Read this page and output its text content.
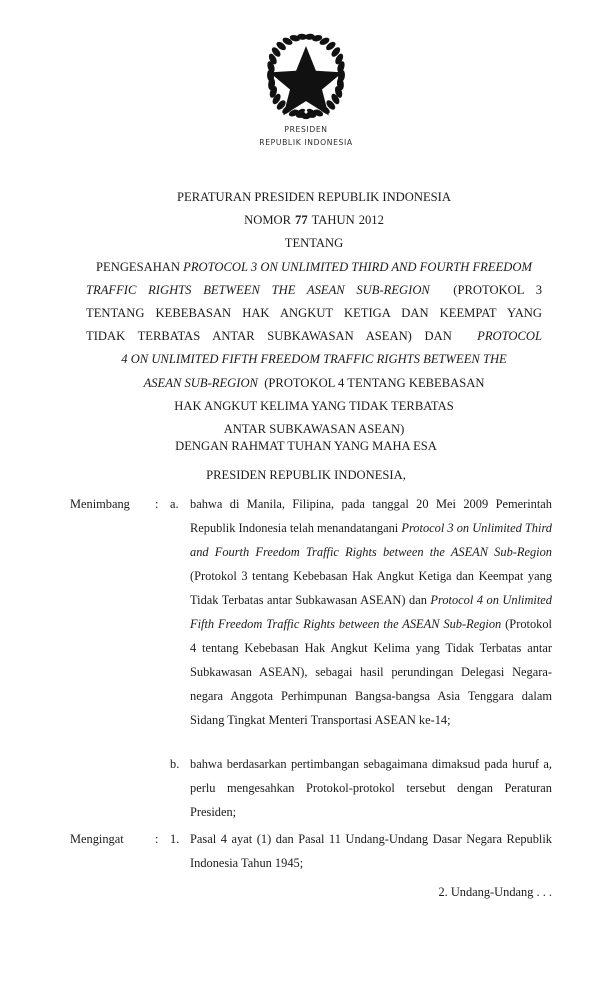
PRESIDEN
REPUBLIK INDONESIA
PERATURAN PRESIDEN REPUBLIK INDONESIA
NOMOR 77 TAHUN 2012
TENTANG
PENGESAHAN PROTOCOL 3 ON UNLIMITED THIRD AND FOURTH FREEDOM
TRAFFIC RIGHTS BETWEEN THE ASEAN SUB-REGION (PROTOKOL 3
TENTANG KEBEBASAN HAK ANGKUT KETIGA DAN KEEMPAT YANG
TIDAK TERBATAS ANTAR SUBKAWASAN ASEAN) DAN PROTOCOL
4 ON UNLIMITED FIFTH FREEDOM TRAFFIC RIGHTS BETWEEN THE
ASEAN SUB-REGION (PROTOKOL 4 TENTANG KEBEBASAN
HAK ANGKUT KELIMA YANG TIDAK TERBATAS
ANTAR SUBKAWASAN ASEAN)
DENGAN RAHMAT TUHAN YANG MAHA ESA
PRESIDEN REPUBLIK INDONESIA,
Menimbang	: a. bahwa di Manila, Filipina, pada tanggal 20 Mei 2009 Pemerintah Republik Indonesia telah menandatangani Protocol 3 on Unlimited Third and Fourth Freedom Traffic Rights between the ASEAN Sub-Region (Protokol 3 tentang Kebebasan Hak Angkut Ketiga dan Keempat yang Tidak Terbatas antar Subkawasan ASEAN) dan Protocol 4 on Unlimited Fifth Freedom Traffic Rights between the ASEAN Sub-Region (Protokol 4 tentang Kebebasan Hak Angkut Kelima yang Tidak Terbatas antar Subkawasan ASEAN), sebagai hasil perundingan Delegasi Negara-negara Anggota Perhimpunan Bangsa-bangsa Asia Tenggara dalam Sidang Tingkat Menteri Transportasi ASEAN ke-14;
b. bahwa berdasarkan pertimbangan sebagaimana dimaksud pada huruf a, perlu mengesahkan Protokol-protokol tersebut dengan Peraturan Presiden;
Mengingat	: 1. Pasal 4 ayat (1) dan Pasal 11 Undang-Undang Dasar Negara Republik Indonesia Tahun 1945;
2. Undang-Undang . . .
